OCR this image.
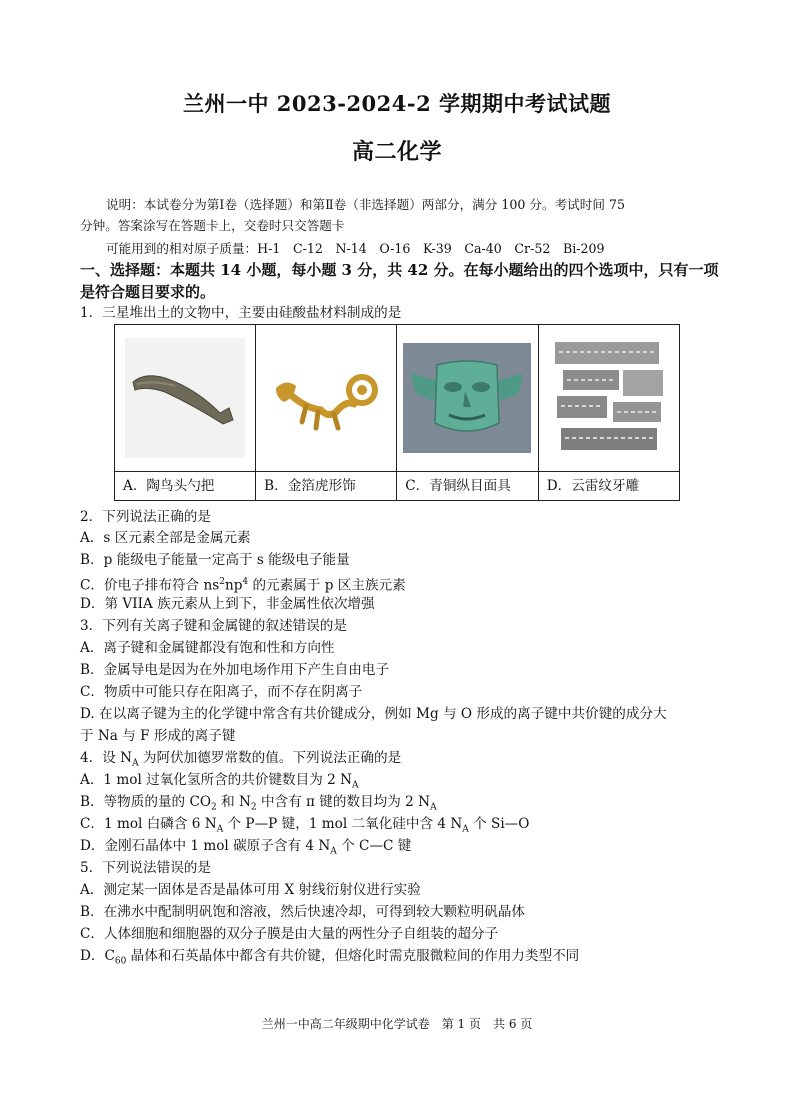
兰州一中 2023-2024-2 学期期中考试试题
高二化学
说明：本试卷分为第Ⅰ卷（选择题）和第Ⅱ卷（非选择题）两部分，满分 100 分。考试时间 75
分钟。答案涂写在答题卡上，交卷时只交答题卡
可能用到的相对原子质量：H-1　C-12　N-14　O-16　K-39　Ca-40　Cr-52　Bi-209
一、选择题：本题共 14 小题，每小题 3 分，共 42 分。在每小题给出的四个选项中，只有一项是符合题目要求的。
1．三星堆出土的文物中，主要由硅酸盐材料制成的是
A．陶鸟头勺把	B．金箔虎形饰	C．青铜纵目面具	D．云雷纹牙雕
2．下列说法正确的是
A．s 区元素全部是金属元素
B．p 能级电子能量一定高于 s 能级电子能量
C．价电子排布符合 $ns^2np^4$ 的元素属于 p 区主族元素
D．第 VIIA 族元素从上到下，非金属性依次增强
3．下列有关离子键和金属键的叙述错误的是
A．离子键和金属键都没有饱和性和方向性
B．金属导电是因为在外加电场作用下产生自由电子
C．物质中可能只存在阳离子，而不存在阴离子
D. 在以离子键为主的化学键中常含有共价键成分，例如 Mg 与 O 形成的离子键中共价键的成分大
于 Na 与 F 形成的离子键
4．设 $N_A$ 为阿伏加德罗常数的值。下列说法正确的是
A．1 mol 过氧化氢所含的共价键数目为 2 $N_A$
B．等物质的量的 $CO_2$ 和 $N_2$ 中含有 π 键的数目均为 2 $N_A$
C．1 mol 白磷含 6 $N_A$ 个 P—P 键，1 mol 二氧化硅中含 4 $N_A$ 个 Si—O
D．金刚石晶体中 1 mol 碳原子含有 4 $N_A$ 个 C—C 键
5．下列说法错误的是
A．测定某一固体是否是晶体可用 X 射线衍射仪进行实验
B．在沸水中配制明矾饱和溶液，然后快速冷却，可得到较大颗粒明矾晶体
C．人体细胞和细胞器的双分子膜是由大量的两性分子自组装的超分子
D．$C_{60}$ 晶体和石英晶体中都含有共价键，但熔化时需克服微粒间的作用力类型不同
兰州一中高二年级期中化学试卷　第 1 页　共 6 页
